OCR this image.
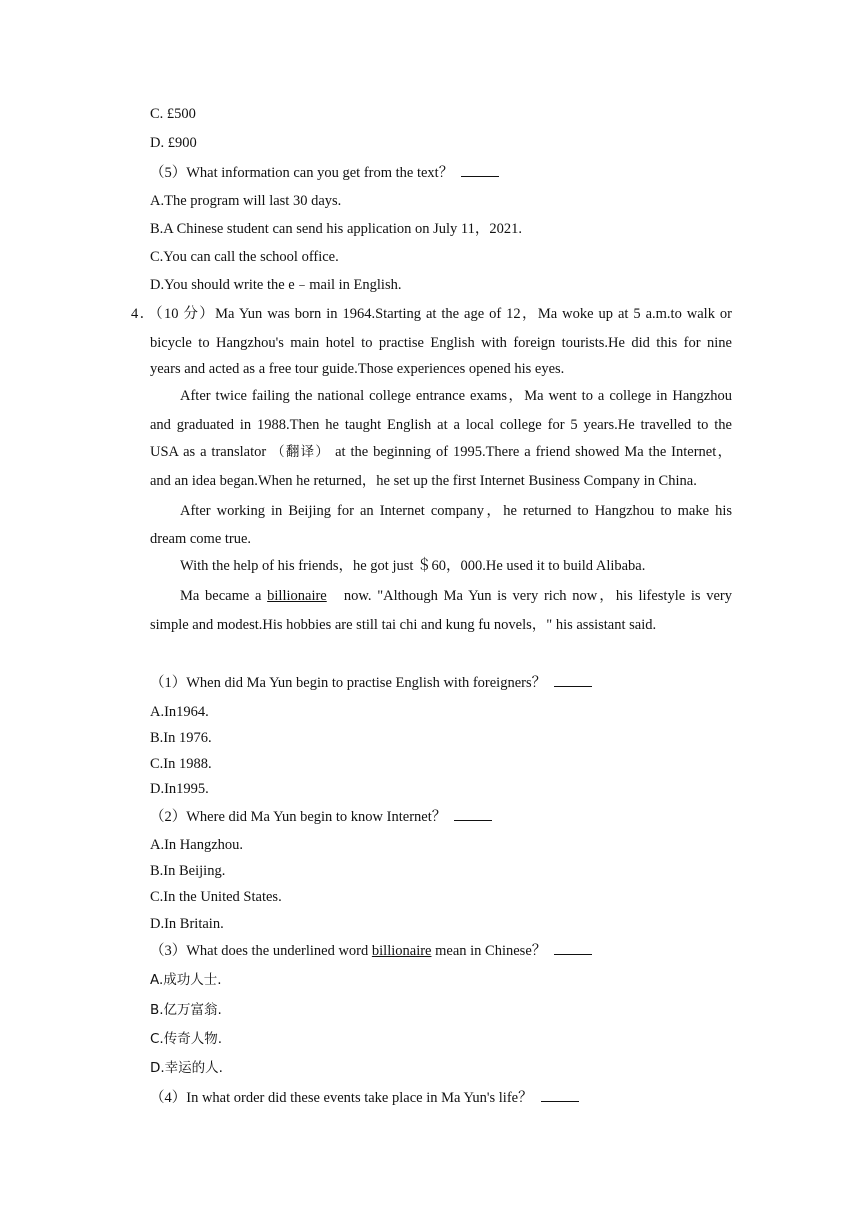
C. £500
D. £900
（5）What information can you get from the text？
A.The program will last 30 days.
B.A Chinese student can send his application on July 11，2021.
C.You can call the school office.
D.You should write the e﹣mail in English.
4．（10 分）Ma Yun was born in 1964.Starting at the age of 12，Ma woke up at 5 a.m.to walk or
bicycle to Hangzhou's main hotel to practise English with foreign tourists.He did this for nine
years and acted as a free tour guide.Those experiences opened his eyes.
After twice failing the national college entrance exams，Ma went to a college in Hangzhou
and graduated in 1988.Then he taught English at a local college for 5 years.He travelled to the
USA as a translator （翻译） at the beginning of 1995.There a friend showed Ma the Internet，
and an idea began.When he returned，he set up the first Internet Business Company in China.
After working in Beijing for an Internet company，he returned to Hangzhou to make his
dream come true.
With the help of his friends，he got just ＄60，000.He used it to build Alibaba.
Ma became a billionaire now. "Although Ma Yun is very rich now，his lifestyle is very
simple and modest.His hobbies are still tai chi and kung fu novels，" his assistant said.
（1）When did Ma Yun begin to practise English with foreigners？
A.In1964.
B.In 1976.
C.In 1988.
D.In1995.
（2）Where did Ma Yun begin to know Internet？
A.In Hangzhou.
B.In Beijing.
C.In the United States.
D.In Britain.
（3）What does the underlined word billionaire mean in Chinese？
A.成功人士.
B.亿万富翁.
C.传奇人物.
D.幸运的人.
（4）In what order did these events take place in Ma Yun's life？
